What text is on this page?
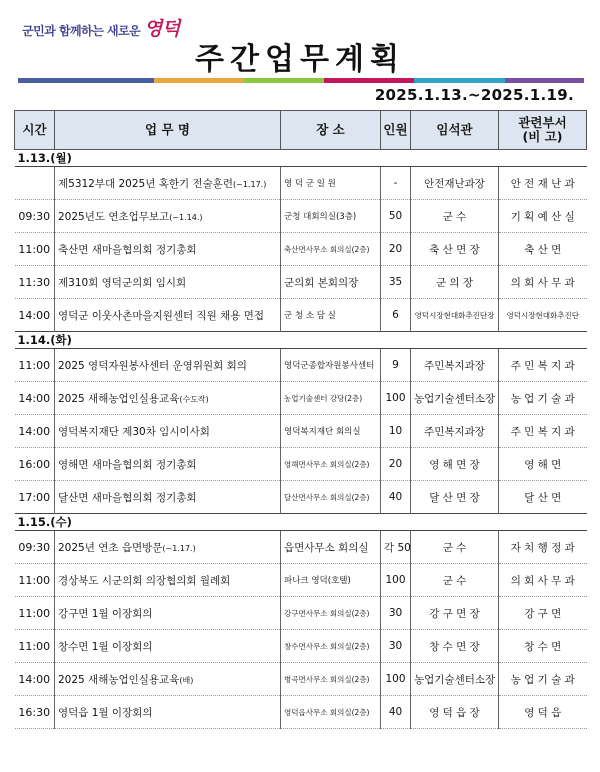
군민과 함께하는 새로운 영덕
주간업무계획
2025.1.13.~2025.1.19.
시간	업 무 명	장 소	인원	임석관	관련부서
(비 고)
1.13.(월)					
	제5312부대 2025년 혹한기 전술훈련(~1.17.)	영 덕 군 일 원	-	안전재난과장	안 전 재 난 과
09:30	2025년도 연초업무보고(~1.14.)	군청 대회의실(3층)	50	군 수	기 획 예 산 실
11:00	축산면 새마을협의회 정기총회	축산면사무소 회의실(2층)	20	축 산 면 장	축 산 면
11:30	제310회 영덕군의회 임시회	군의회 본회의장	35	군 의 장	의 회 사 무 과
14:00	영덕군 이웃사촌마을지원센터 직원 채용 면접	군 청 소 담 실	6	영덕시장현대화추진단장	영덕시장현대화추진단
1.14.(화)					
11:00	2025 영덕자원봉사센터 운영위원회 회의	영덕군종합자원봉사센터	9	주민복지과장	주 민 복 지 과
14:00	2025 새해농업인실용교육(수도작)	농업기술센터 강당(2층)	100	농업기술센터소장	농 업 기 술 과
14:00	영덕복지재단 제30차 임시이사회	영덕복지재단 회의실	10	주민복지과장	주 민 복 지 과
16:00	영해면 새마을협의회 정기총회	영해면사무소 회의실(2층)	20	영 해 면 장	영 해 면
17:00	달산면 새마을협의회 정기총회	달산면사무소 회의실(2층)	40	달 산 면 장	달 산 면
1.15.(수)					
09:30	2025년 연초 읍면방문(~1.17.)	읍면사무소 회의실	각 50	군 수	자 치 행 정 과
11:00	경상북도 시군의회 의장협의회 월례회	파나크 영덕(호텔)	100	군 수	의 회 사 무 과
11:00	강구면 1월 이장회의	강구면사무소 회의실(2층)	30	강 구 면 장	강 구 면
11:00	창수면 1월 이장회의	창수면사무소 회의실(2층)	30	창 수 면 장	창 수 면
14:00	2025 새해농업인실용교육(배)	병곡면사무소 회의실(2층)	100	농업기술센터소장	농 업 기 술 과
16:30	영덕읍 1월 이장회의	영덕읍사무소 회의실(2층)	40	영 덕 읍 장	영 덕 읍
